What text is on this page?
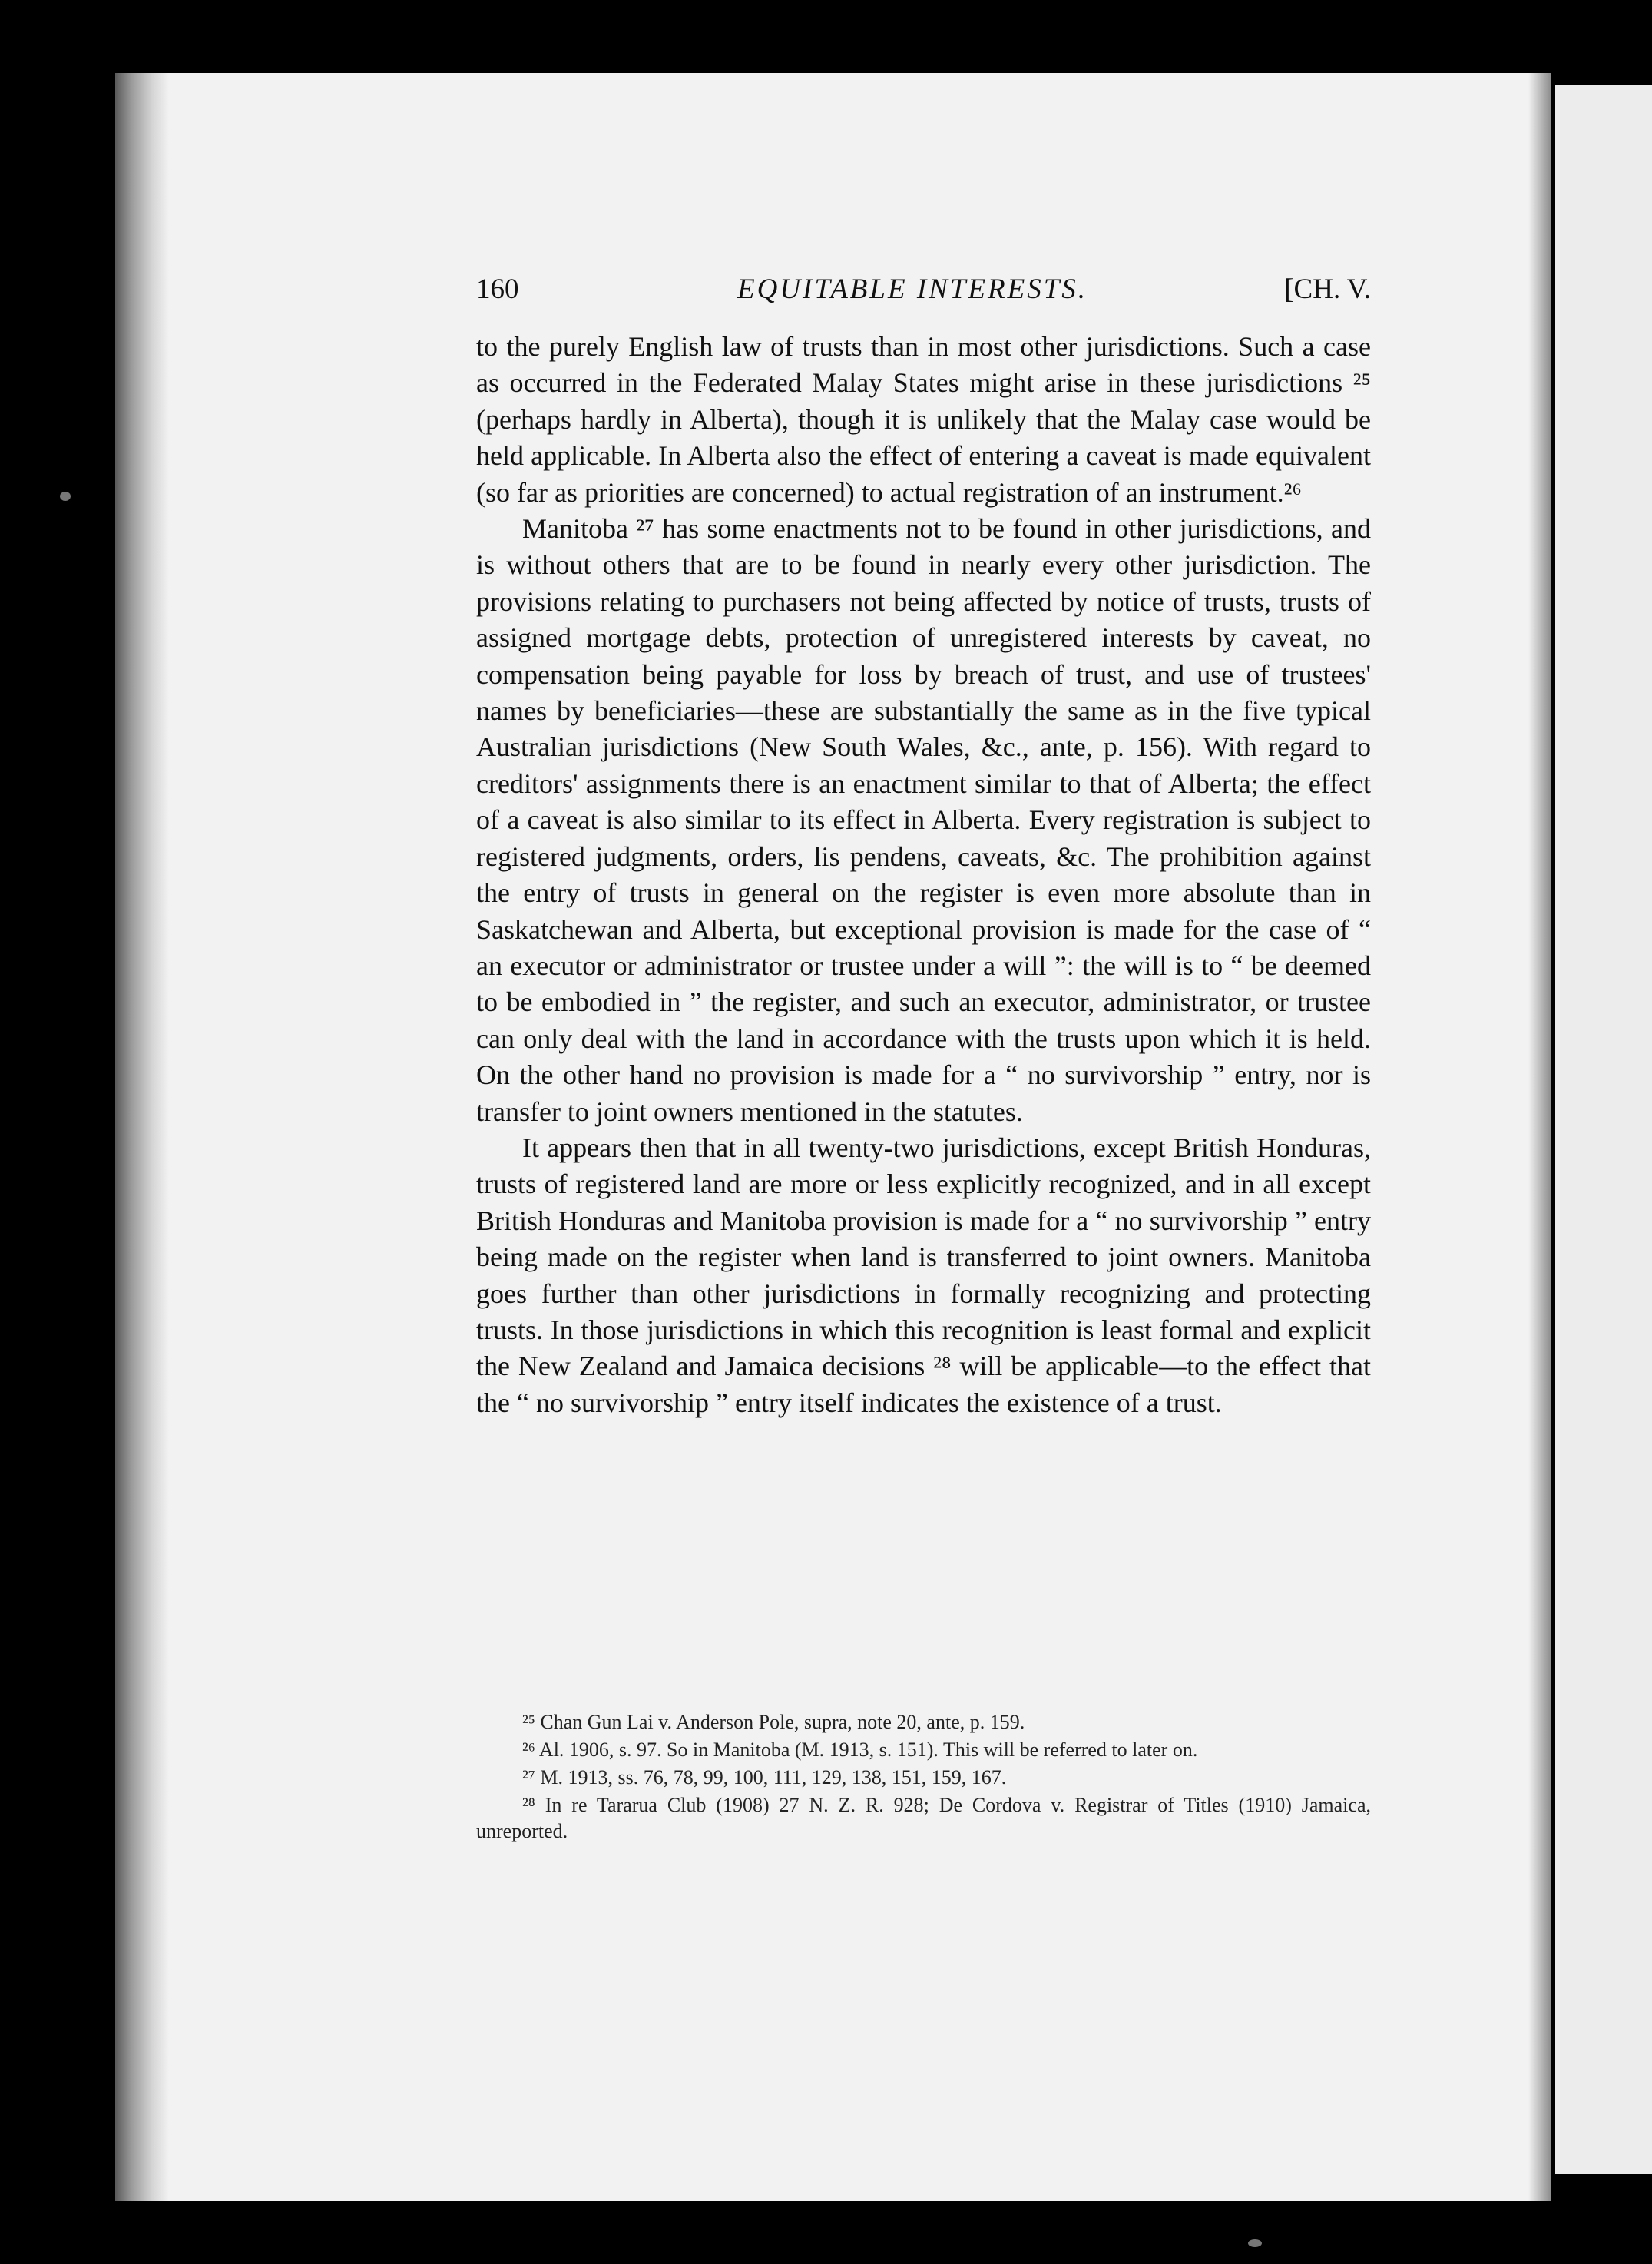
160	EQUITABLE INTERESTS.	[CH. V.

to the purely English law of trusts than in most other jurisdictions. Such a case as occurred in the Federated Malay States might arise in these jurisdictions ²⁵ (perhaps hardly in Alberta), though it is unlikely that the Malay case would be held applicable. In Alberta also the effect of entering a caveat is made equivalent (so far as priorities are concerned) to actual registration of an instrument.²⁶

Manitoba ²⁷ has some enactments not to be found in other jurisdictions, and is without others that are to be found in nearly every other jurisdiction. The provisions relating to purchasers not being affected by notice of trusts, trusts of assigned mortgage debts, protection of unregistered interests by caveat, no compensation being payable for loss by breach of trust, and use of trustees' names by beneficiaries—these are substantially the same as in the five typical Australian jurisdictions (New South Wales, &c., ante, p. 156). With regard to creditors' assignments there is an enactment similar to that of Alberta; the effect of a caveat is also similar to its effect in Alberta. Every registration is subject to registered judgments, orders, lis pendens, caveats, &c. The prohibition against the entry of trusts in general on the register is even more absolute than in Saskatchewan and Alberta, but exceptional provision is made for the case of “ an executor or administrator or trustee under a will ”: the will is to “ be deemed to be embodied in ” the register, and such an executor, administrator, or trustee can only deal with the land in accordance with the trusts upon which it is held. On the other hand no provision is made for a “ no survivorship ” entry, nor is transfer to joint owners mentioned in the statutes.

It appears then that in all twenty-two jurisdictions, except British Honduras, trusts of registered land are more or less explicitly recognized, and in all except British Honduras and Manitoba provision is made for a “ no survivorship ” entry being made on the register when land is transferred to joint owners. Manitoba goes further than other jurisdictions in formally recognizing and protecting trusts. In those jurisdictions in which this recognition is least formal and explicit the New Zealand and Jamaica decisions ²⁸ will be applicable—to the effect that the “ no survivorship ” entry itself indicates the existence of a trust.

²⁵ Chan Gun Lai v. Anderson Pole, supra, note 20, ante, p. 159.

²⁶ Al. 1906, s. 97. So in Manitoba (M. 1913, s. 151). This will be referred to later on.

²⁷ M. 1913, ss. 76, 78, 99, 100, 111, 129, 138, 151, 159, 167.

²⁸ In re Tararua Club (1908) 27 N. Z. R. 928; De Cordova v. Registrar of Titles (1910) Jamaica, unreported.
